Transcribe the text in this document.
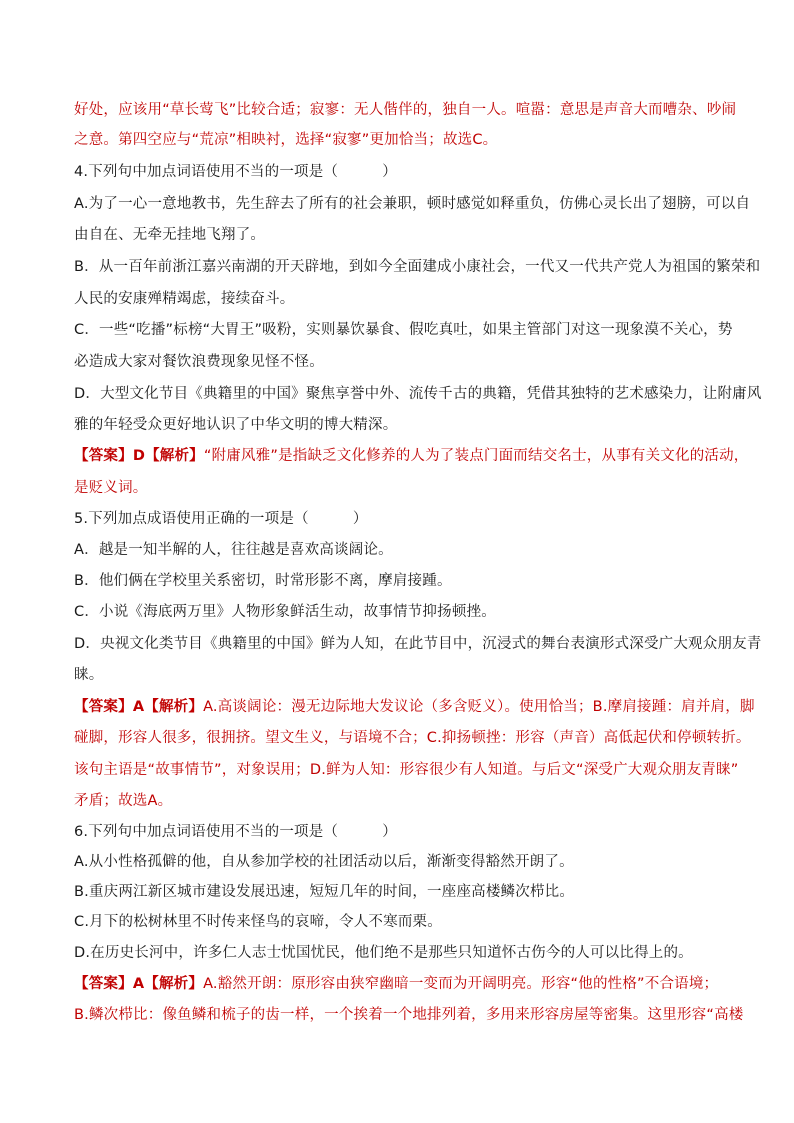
好处，应该用“草长莺飞”比较合适；寂寥：无人偕伴的，独自一人。喧嚣：意思是声音大而嘈杂、吵闹
之意。第四空应与“荒凉”相映衬，选择“寂寥”更加恰当；故选C。
4.下列句中加点词语使用不当的一项是（　　　）
A.为了一心一意地教书，先生辞去了所有的社会兼职，顿时感觉如释重负，仿佛心灵长出了翅膀，可以自
由自在、无牵无挂地飞翔了。
B．从一百年前浙江嘉兴南湖的开天辟地，到如今全面建成小康社会，一代又一代共产党人为祖国的繁荣和
人民的安康殚精竭虑，接续奋斗。
C．一些“吃播”标榜“大胃王”吸粉，实则暴饮暴食、假吃真吐，如果主管部门对这一现象漠不关心，势
必造成大家对餐饮浪费现象见怪不怪。
D．大型文化节目《典籍里的中国》聚焦享誉中外、流传千古的典籍，凭借其独特的艺术感染力，让附庸风
雅的年轻受众更好地认识了中华文明的博大精深。
【答案】D【解析】“附庸风雅”是指缺乏文化修养的人为了装点门面而结交名士，从事有关文化的活动，
是贬义词。
5.下列加点成语使用正确的一项是（　　　）
A．越是一知半解的人，往往越是喜欢高谈阔论。
B．他们俩在学校里关系密切，时常形影不离，摩肩接踵。
C．小说《海底两万里》人物形象鲜活生动，故事情节抑扬顿挫。
D．央视文化类节目《典籍里的中国》鲜为人知，在此节目中，沉浸式的舞台表演形式深受广大观众朋友青
睐。
【答案】A【解析】A.高谈阔论：漫无边际地大发议论（多含贬义）。使用恰当；B.摩肩接踵：肩并肩，脚
碰脚，形容人很多，很拥挤。望文生义，与语境不合；C.抑扬顿挫：形容（声音）高低起伏和停顿转折。
该句主语是“故事情节”，对象误用；D.鲜为人知：形容很少有人知道。与后文“深受广大观众朋友青睐”
矛盾；故选A。
6.下列句中加点词语使用不当的一项是（　　　）
A.从小性格孤僻的他，自从参加学校的社团活动以后，渐渐变得豁然开朗了。
B.重庆两江新区城市建设发展迅速，短短几年的时间，一座座高楼鳞次栉比。
C.月下的松树林里不时传来怪鸟的哀啼，令人不寒而栗。
D.在历史长河中，许多仁人志士忧国忧民，他们绝不是那些只知道怀古伤今的人可以比得上的。
【答案】A【解析】A.豁然开朗：原形容由狭窄幽暗一变而为开阔明亮。形容“他的性格”不合语境；
B.鳞次栉比：像鱼鳞和梳子的齿一样，一个挨着一个地排列着，多用来形容房屋等密集。这里形容“高楼
